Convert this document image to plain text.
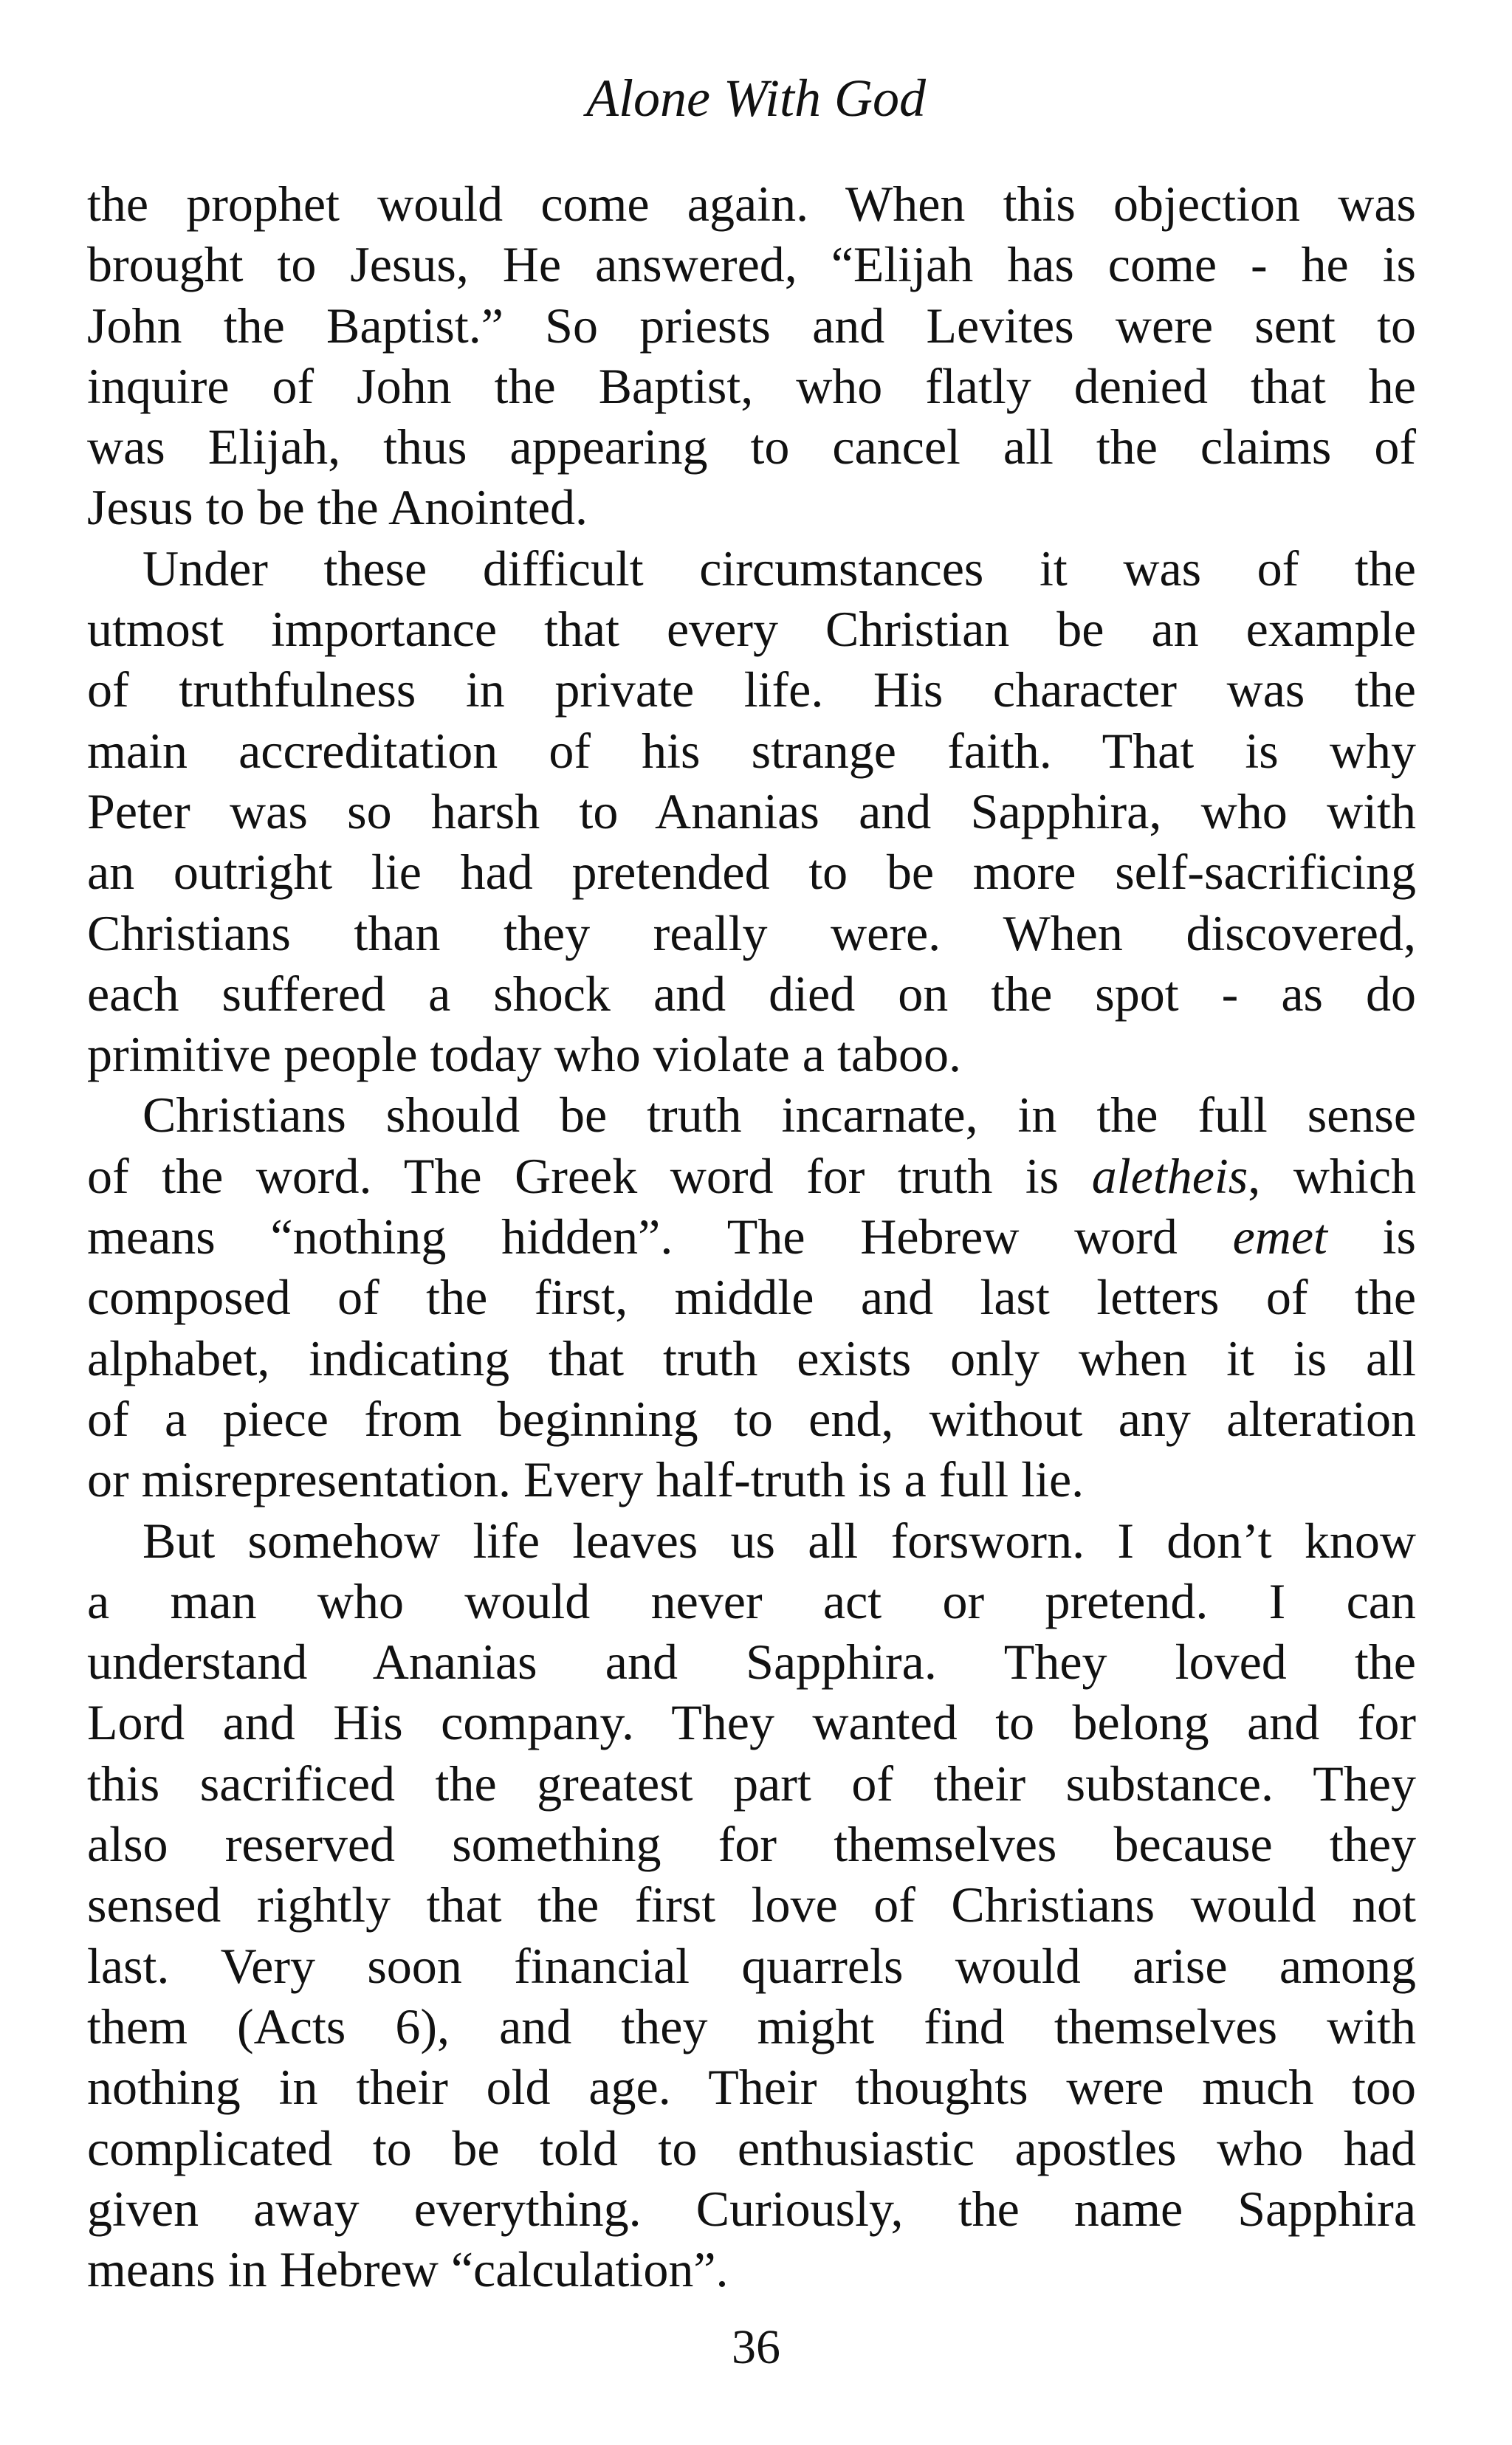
Alone With God
the prophet would come again. When this objection was
brought to Jesus, He answered, “Elijah has come - he is
John the Baptist.” So priests and Levites were sent to
inquire of John the Baptist, who flatly denied that he
was Elijah, thus appearing to cancel all the claims of
Jesus to be the Anointed.
Under these difficult circumstances it was of the
utmost importance that every Christian be an example
of truthfulness in private life. His character was the
main accreditation of his strange faith. That is why
Peter was so harsh to Ananias and Sapphira, who with
an outright lie had pretended to be more self-sacrificing
Christians than they really were. When discovered,
each suffered a shock and died on the spot - as do
primitive people today who violate a taboo.
Christians should be truth incarnate, in the full sense
of the word. The Greek word for truth is aletheis, which
means “nothing hidden”. The Hebrew word emet is
composed of the first, middle and last letters of the
alphabet, indicating that truth exists only when it is all
of a piece from beginning to end, without any alteration
or misrepresentation. Every half-truth is a full lie.
But somehow life leaves us all forsworn. I don’t know
a man who would never act or pretend. I can
understand Ananias and Sapphira. They loved the
Lord and His company. They wanted to belong and for
this sacrificed the greatest part of their substance. They
also reserved something for themselves because they
sensed rightly that the first love of Christians would not
last. Very soon financial quarrels would arise among
them (Acts 6), and they might find themselves with
nothing in their old age. Their thoughts were much too
complicated to be told to enthusiastic apostles who had
given away everything. Curiously, the name Sapphira
means in Hebrew “calculation”.
36
